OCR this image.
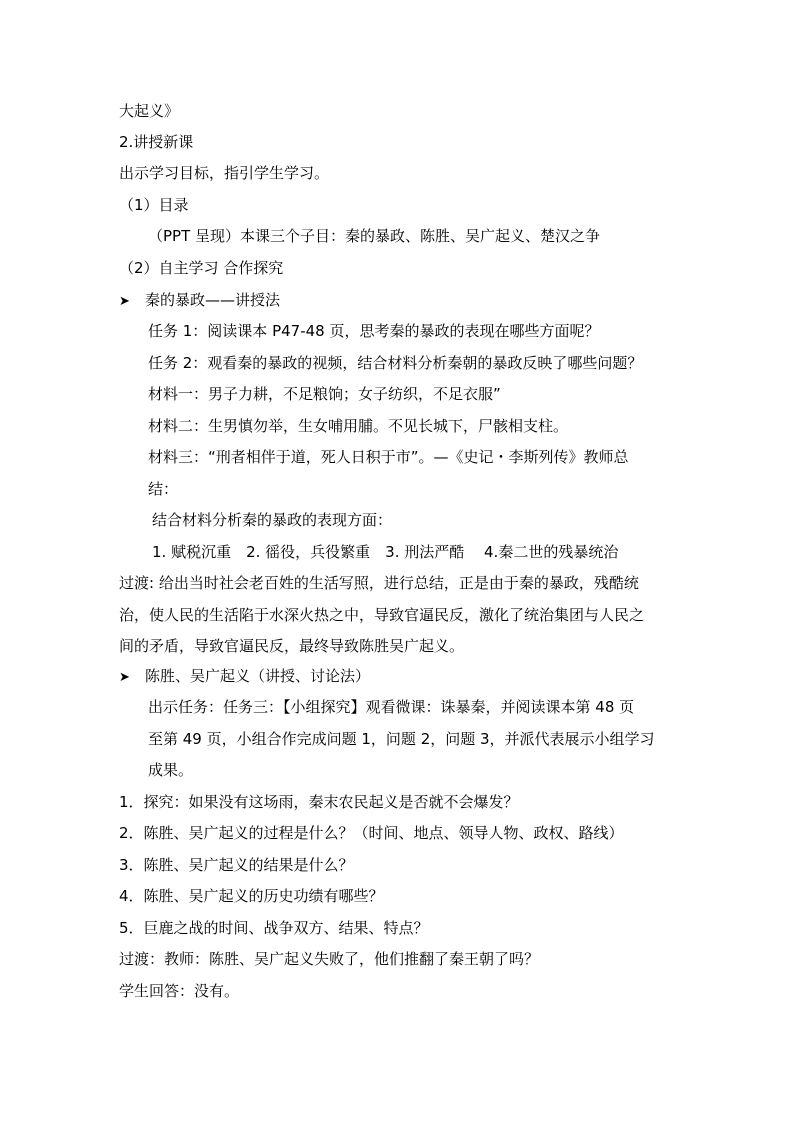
大起义》
2.讲授新课
出示学习目标，指引学生学习。
（1）目录
（PPT 呈现）本课三个子目：秦的暴政、陈胜、吴广起义、楚汉之争
（2）自主学习 合作探究
➤ 秦的暴政——讲授法
任务 1：阅读课本 P47-48 页，思考秦的暴政的表现在哪些方面呢？
任务 2：观看秦的暴政的视频，结合材料分析秦朝的暴政反映了哪些问题？
材料一：男子力耕，不足粮饷；女子纺织，不足衣服”
材料二：生男慎勿举，生女哺用脯。不见长城下，尸骸相支柱。
材料三：“刑者相伴于道，死人日积于市”。—《史记・李斯列传》教师总
结：
结合材料分析秦的暴政的表现方面：
1. 赋税沉重　2. 徭役，兵役繁重　3. 刑法严酷　 4.秦二世的残暴统治
过渡: 给出当时社会老百姓的生活写照，进行总结，正是由于秦的暴政，残酷统
治，使人民的生活陷于水深火热之中，导致官逼民反，激化了统治集团与人民之
间的矛盾，导致官逼民反，最终导致陈胜吴广起义。
➤ 陈胜、吴广起义（讲授、讨论法）
出示任务：任务三：【小组探究】观看微课：诛暴秦，并阅读课本第 48 页
至第 49 页，小组合作完成问题 1，问题 2，问题 3，并派代表展示小组学习
成果。
1．探究：如果没有这场雨，秦末农民起义是否就不会爆发？
2．陈胜、吴广起义的过程是什么？（时间、地点、领导人物、政权、路线）
3．陈胜、吴广起义的结果是什么？
4．陈胜、吴广起义的历史功绩有哪些？
5．巨鹿之战的时间、战争双方、结果、特点？
过渡：教师：陈胜、吴广起义失败了，他们推翻了秦王朝了吗？
学生回答：没有。
